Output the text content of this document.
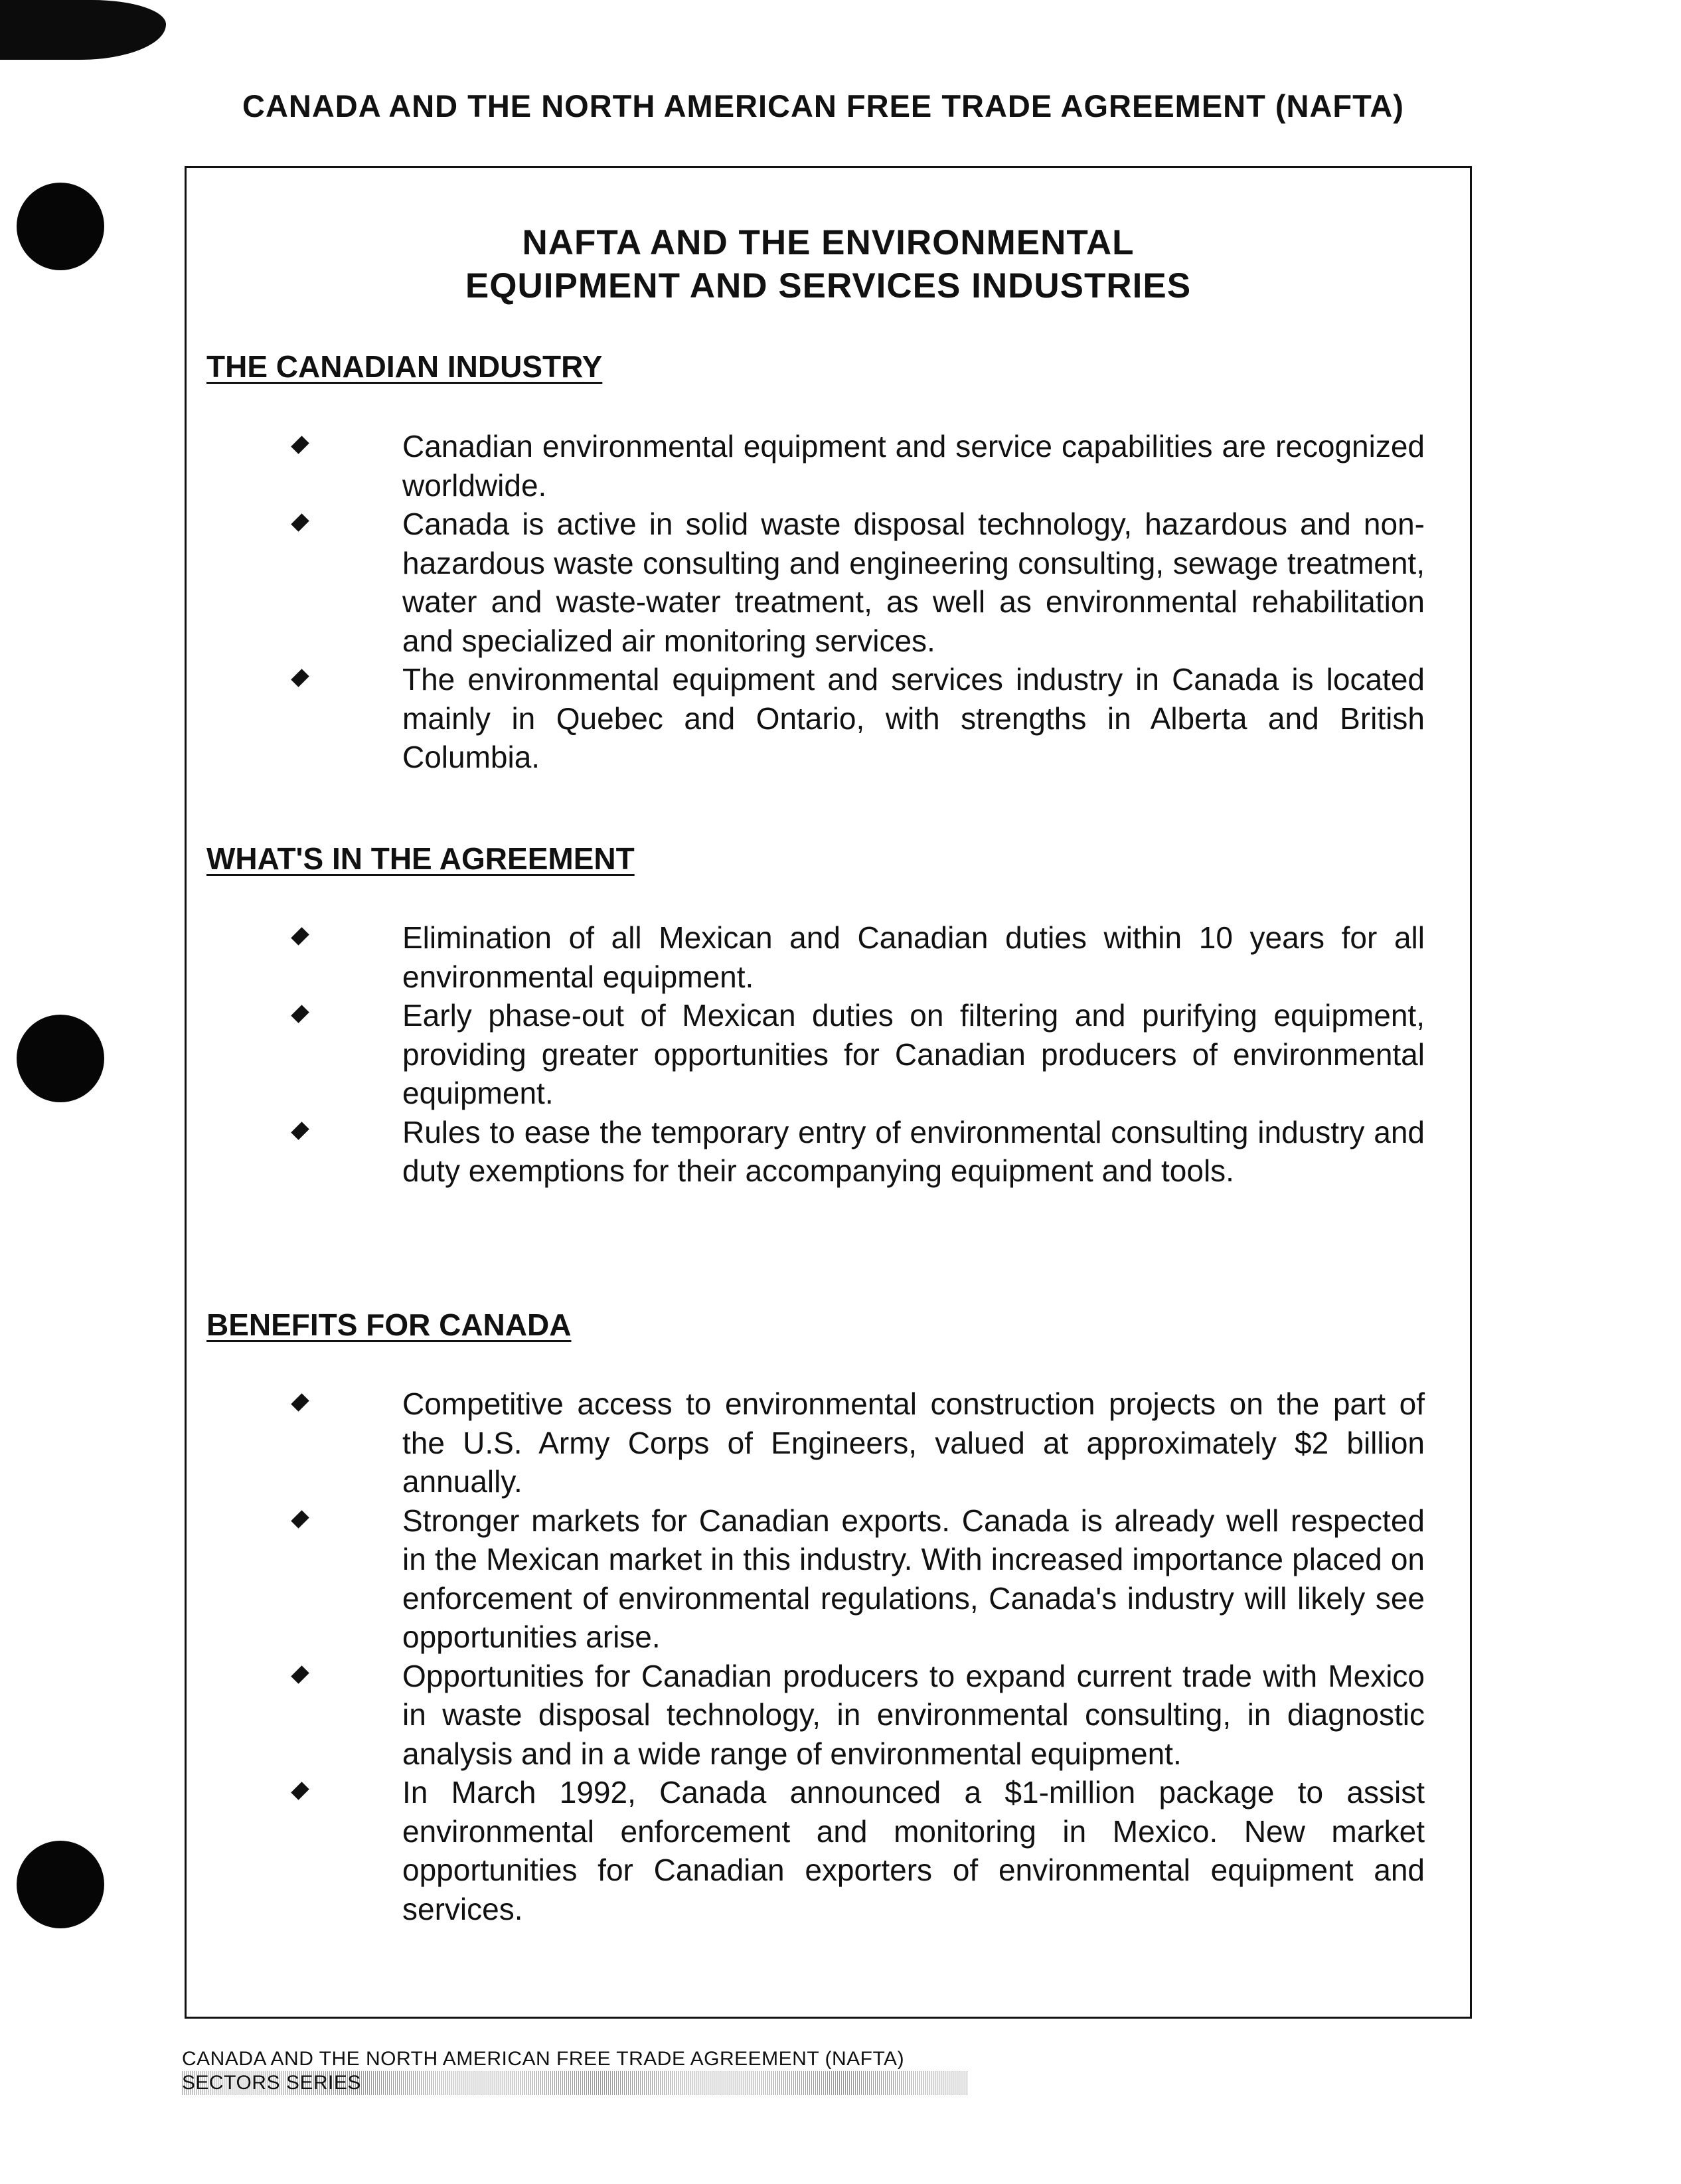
CANADA AND THE NORTH AMERICAN FREE TRADE AGREEMENT (NAFTA)
NAFTA AND THE ENVIRONMENTAL
EQUIPMENT AND SERVICES INDUSTRIES
THE CANADIAN INDUSTRY
Canadian environmental equipment and service capabilities are recognized worldwide.
Canada is active in solid waste disposal technology, hazardous and non-hazardous waste consulting and engineering consulting, sewage treatment, water and waste-water treatment, as well as environmental rehabilitation and specialized air monitoring services.
The environmental equipment and services industry in Canada is located mainly in Quebec and Ontario, with strengths in Alberta and British Columbia.
WHAT'S IN THE AGREEMENT
Elimination of all Mexican and Canadian duties within 10 years for all environmental equipment.
Early phase-out of Mexican duties on filtering and purifying equipment, providing greater opportunities for Canadian producers of environmental equipment.
Rules to ease the temporary entry of environmental consulting industry and duty exemptions for their accompanying equipment and tools.
BENEFITS FOR CANADA
Competitive access to environmental construction projects on the part of the U.S. Army Corps of Engineers, valued at approximately $2 billion annually.
Stronger markets for Canadian exports. Canada is already well respected in the Mexican market in this industry. With increased importance placed on enforcement of environmental regulations, Canada's industry will likely see opportunities arise.
Opportunities for Canadian producers to expand current trade with Mexico in waste disposal technology, in environmental consulting, in diagnostic analysis and in a wide range of environmental equipment.
In March 1992, Canada announced a $1-million package to assist environmental enforcement and monitoring in Mexico. New market opportunities for Canadian exporters of environmental equipment and services.
CANADA AND THE NORTH AMERICAN FREE TRADE AGREEMENT (NAFTA)
SECTORS SERIES
